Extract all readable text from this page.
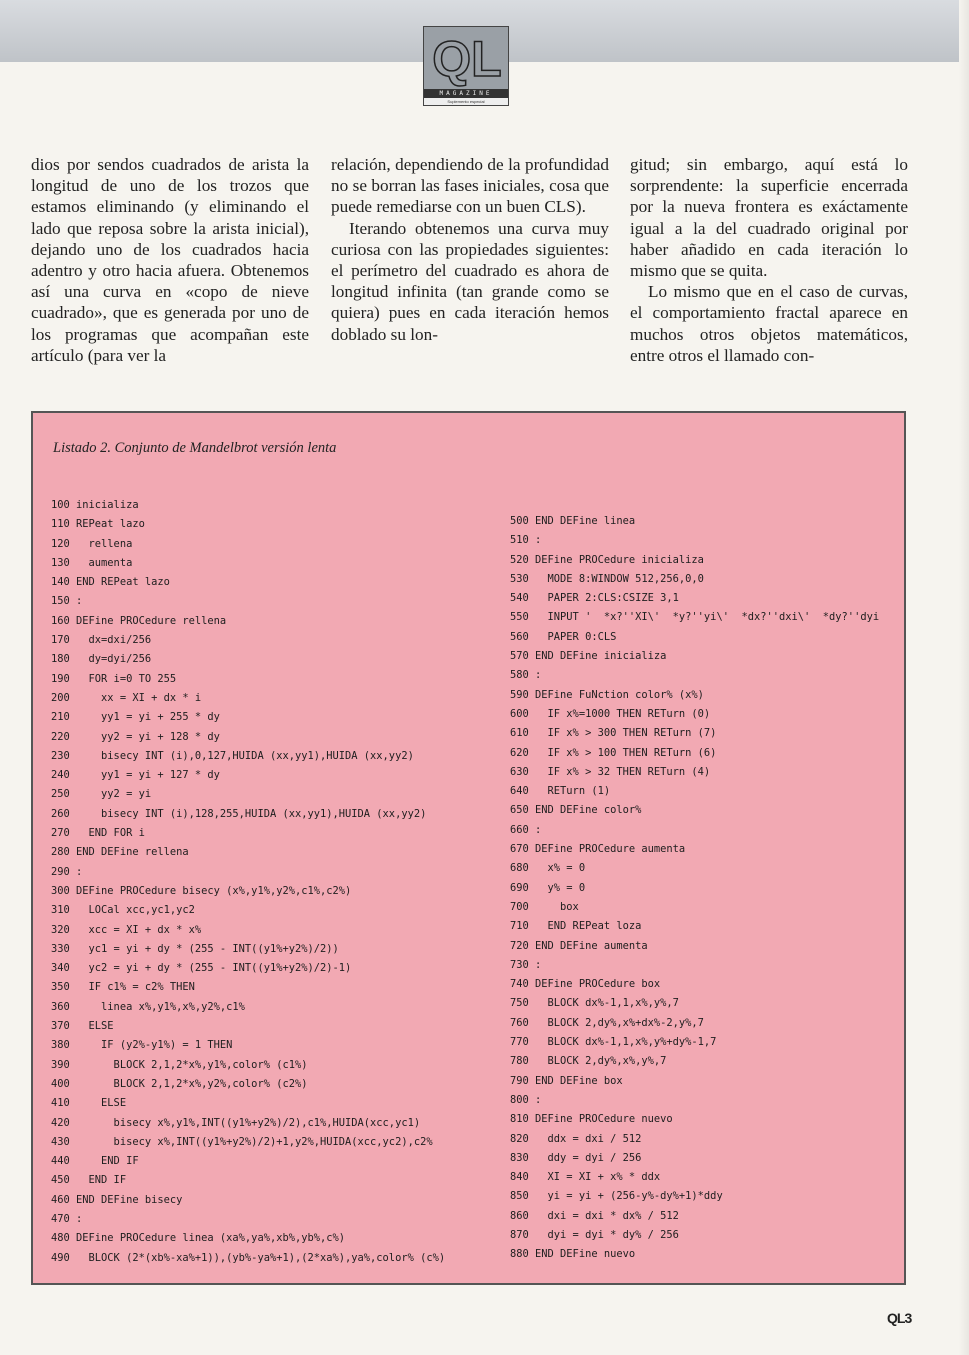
QL
MAGAZINE
Suplemento especial

dios por sendos cuadrados de arista la longitud de uno de los trozos que estamos eliminando (y eliminando el lado que reposa sobre la arista inicial), dejando uno de los cuadrados hacia adentro y otro hacia afuera. Obtenemos así una curva en «copo de nieve cuadrado», que es generada por uno de los programas que acompañan este artículo (para ver la

relación, dependiendo de la profundidad no se borran las fases iniciales, cosa que puede remediarse con un buen CLS).

Iterando obtenemos una curva muy curiosa con las propiedades siguientes: el perímetro del cuadrado es ahora de longitud infinita (tan grande como se quiera) pues en cada iteración hemos doblado su lon-

gitud; sin embargo, aquí está lo sorprendente: la superficie encerrada por la nueva frontera es exáctamente igual a la del cuadrado original por haber añadido en cada iteración lo mismo que se quita.

Lo mismo que en el caso de curvas, el comportamiento fractal aparece en muchos otros objetos matemáticos, entre otros el llamado con-

Listado 2. Conjunto de Mandelbrot versión lenta
100 inicializa
110 REPeat lazo
120   rellena
130   aumenta
140 END REPeat lazo
150 :
160 DEFine PROCedure rellena
170   dx=dxi/256
180   dy=dyi/256
190   FOR i=0 TO 255
200     xx = XI + dx * i
210     yy1 = yi + 255 * dy
220     yy2 = yi + 128 * dy
230     bisecy INT (i),0,127,HUIDA (xx,yy1),HUIDA (xx,yy2)
240     yy1 = yi + 127 * dy
250     yy2 = yi
260     bisecy INT (i),128,255,HUIDA (xx,yy1),HUIDA (xx,yy2)
270   END FOR i
280 END DEFine rellena
290 :
300 DEFine PROCedure bisecy (x%,y1%,y2%,c1%,c2%)
310   LOCal xcc,yc1,yc2
320   xcc = XI + dx * x%
330   yc1 = yi + dy * (255 - INT((y1%+y2%)/2))
340   yc2 = yi + dy * (255 - INT((y1%+y2%)/2)-1)
350   IF c1% = c2% THEN
360     linea x%,y1%,x%,y2%,c1%
370   ELSE
380     IF (y2%-y1%) = 1 THEN
390       BLOCK 2,1,2*x%,y1%,color% (c1%)
400       BLOCK 2,1,2*x%,y2%,color% (c2%)
410     ELSE
420       bisecy x%,y1%,INT((y1%+y2%)/2),c1%,HUIDA(xcc,yc1)
430       bisecy x%,INT((y1%+y2%)/2)+1,y2%,HUIDA(xcc,yc2),c2%
440     END IF
450   END IF
460 END DEFine bisecy
470 :
480 DEFine PROCedure linea (xa%,ya%,xb%,yb%,c%)
490   BLOCK (2*(xb%-xa%+1)),(yb%-ya%+1),(2*xa%),ya%,color% (c%)
500 END DEFine linea
510 :
520 DEFine PROCedure inicializa
530   MODE 8:WINDOW 512,256,0,0
540   PAPER 2:CLS:CSIZE 3,1
550   INPUT '  *x?''XI\'  *y?''yi\'  *dx?''dxi\'  *dy?''dyi
560   PAPER 0:CLS
570 END DEFine inicializa
580 :
590 DEFine FuNction color% (x%)
600   IF x%=1000 THEN RETurn (0)
610   IF x% > 300 THEN RETurn (7)
620   IF x% > 100 THEN RETurn (6)
630   IF x% > 32 THEN RETurn (4)
640   RETurn (1)
650 END DEFine color%
660 :
670 DEFine PROCedure aumenta
680   x% = 0
690   y% = 0
700     box
710   END REPeat loza
720 END DEFine aumenta
730 :
740 DEFine PROCedure box
750   BLOCK dx%-1,1,x%,y%,7
760   BLOCK 2,dy%,x%+dx%-2,y%,7
770   BLOCK dx%-1,1,x%,y%+dy%-1,7
780   BLOCK 2,dy%,x%,y%,7
790 END DEFine box
800 :
810 DEFine PROCedure nuevo
820   ddx = dxi / 512
830   ddy = dyi / 256
840   XI = XI + x% * ddx
850   yi = yi + (256-y%-dy%+1)*ddy
860   dxi = dxi * dx% / 512
870   dyi = dyi * dy% / 256
880 END DEFine nuevo
QL3
